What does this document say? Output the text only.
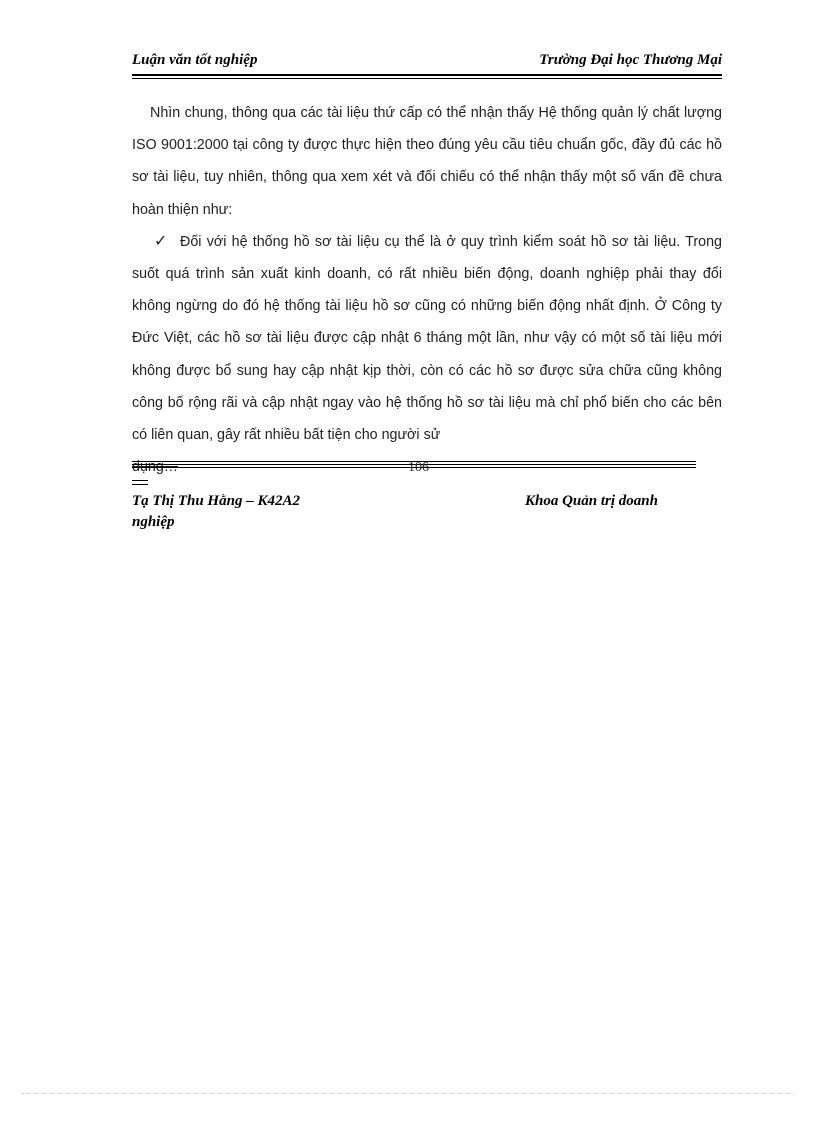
Luận văn tốt nghiệp	Trường Đại học Thương Mại

Nhìn chung, thông qua các tài liệu thứ cấp có thể nhận thấy Hệ thống quản lý chất lượng ISO 9001:2000 tại công ty được thực hiện theo đúng yêu cầu tiêu chuẩn gốc, đầy đủ các hồ sơ tài liệu, tuy nhiên, thông qua xem xét và đối chiếu có thể nhận thấy một số vấn đề chưa hoàn thiện như:

✓ Đối với hệ thống hồ sơ tài liệu cụ thể là ở quy trình kiểm soát hồ sơ tài liệu. Trong suốt quá trình sản xuất kinh doanh, có rất nhiều biến động, doanh nghiệp phải thay đổi không ngừng do đó hệ thống tài liệu hồ sơ cũng có những biến động nhất định. Ở Công ty Đức Việt, các hồ sơ tài liệu được cập nhật 6 tháng một lần, như vậy có một số tài liệu mới không được bổ sung hay cập nhật kịp thời, còn có các hồ sơ được sửa chữa cũng không công bố rộng rãi và cập nhật ngay vào hệ thống hồ sơ tài liệu mà chỉ phổ biến cho các bên có liên quan, gây rất nhiều bất tiện cho người sử

dụng…	106
Tạ Thị Thu Hằng – K42A2	Khoa Quản trị doanh
nghiệp
